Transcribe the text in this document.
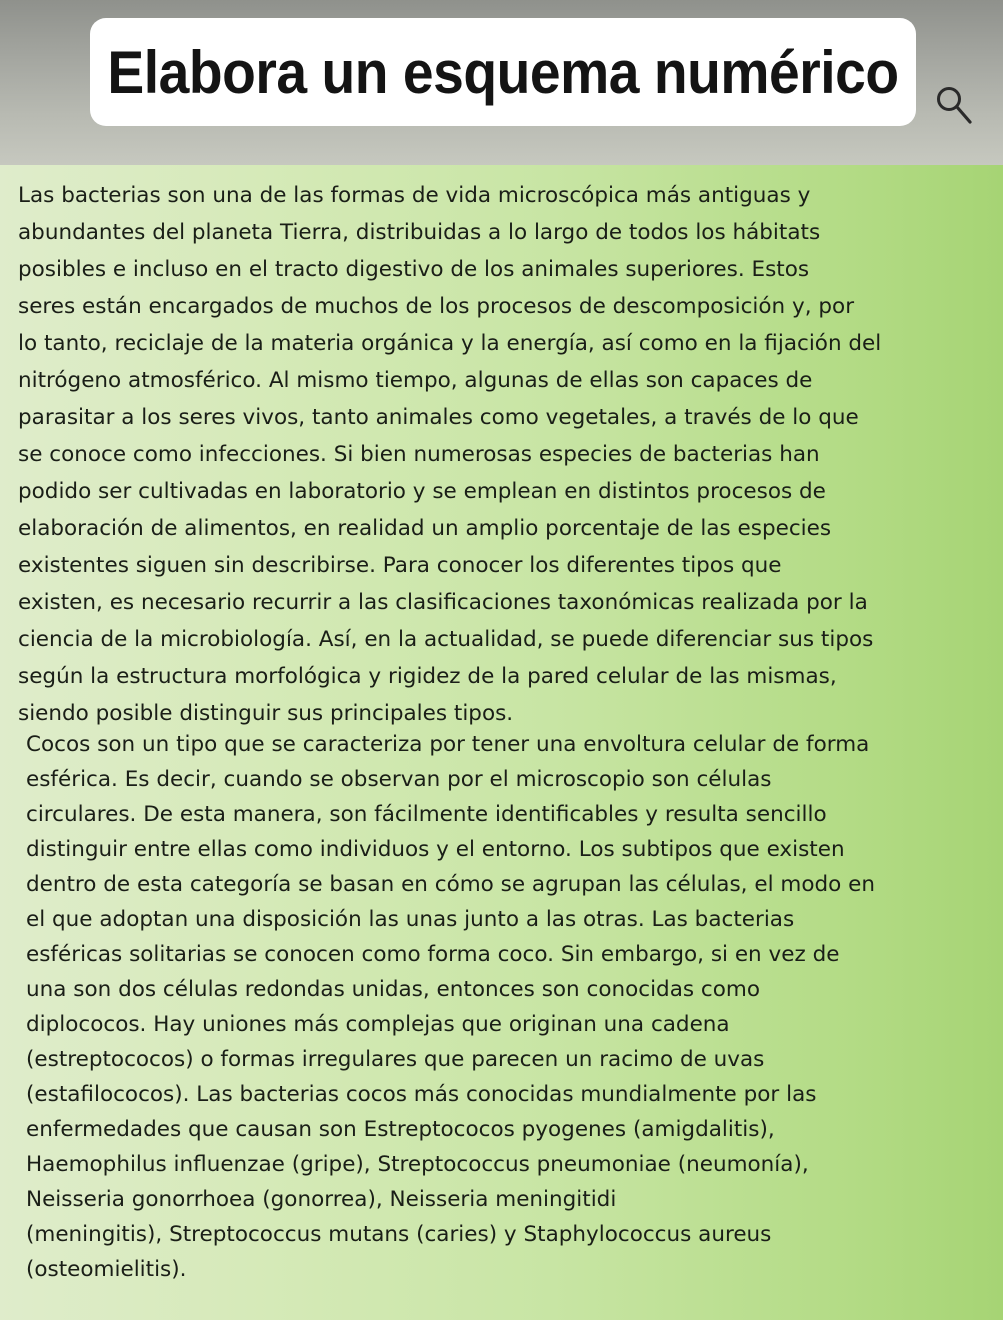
Elabora un esquema numérico
Las bacterias son una de las formas de vida microscópica más antiguas y
abundantes del planeta Tierra, distribuidas a lo largo de todos los hábitats
posibles e incluso en el tracto digestivo de los animales superiores. Estos
seres están encargados de muchos de los procesos de descomposición y, por
lo tanto, reciclaje de la materia orgánica y la energía, así como en la fijación del
nitrógeno atmosférico. Al mismo tiempo, algunas de ellas son capaces de
parasitar a los seres vivos, tanto animales como vegetales, a través de lo que
se conoce como infecciones. Si bien numerosas especies de bacterias han
podido ser cultivadas en laboratorio y se emplean en distintos procesos de
elaboración de alimentos, en realidad un amplio porcentaje de las especies
existentes siguen sin describirse. Para conocer los diferentes tipos que
existen, es necesario recurrir a las clasificaciones taxonómicas realizada por la
ciencia de la microbiología. Así, en la actualidad, se puede diferenciar sus tipos
según la estructura morfológica y rigidez de la pared celular de las mismas,
siendo posible distinguir sus principales tipos.
Cocos son un tipo que se caracteriza por tener una envoltura celular de forma
esférica. Es decir, cuando se observan por el microscopio son células
circulares. De esta manera, son fácilmente identificables y resulta sencillo
distinguir entre ellas como individuos y el entorno. Los subtipos que existen
dentro de esta categoría se basan en cómo se agrupan las células, el modo en
el que adoptan una disposición las unas junto a las otras. Las bacterias
esféricas solitarias se conocen como forma coco. Sin embargo, si en vez de
una son dos células redondas unidas, entonces son conocidas como
diplococos. Hay uniones más complejas que originan una cadena
(estreptococos) o formas irregulares que parecen un racimo de uvas
(estafilococos). Las bacterias cocos más conocidas mundialmente por las
enfermedades que causan son Estreptococos pyogenes (amigdalitis),
Haemophilus influenzae (gripe), Streptococcus pneumoniae (neumonía),
Neisseria gonorrhoea (gonorrea), Neisseria meningitidi
(meningitis), Streptococcus mutans (caries) y Staphylococcus aureus
(osteomielitis).
